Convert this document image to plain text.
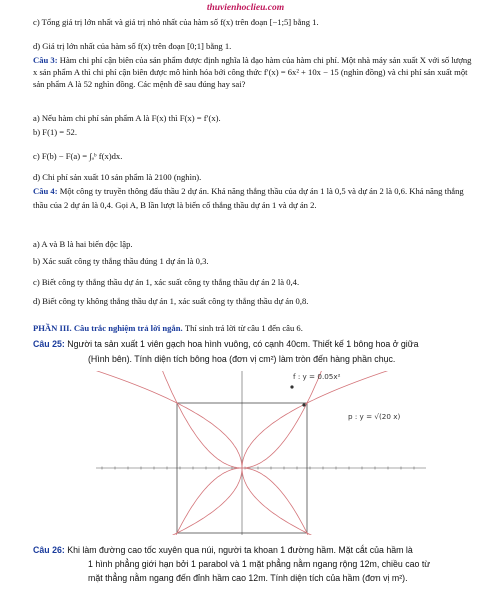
thuvienhoclieu.com
c) Tổng giá trị lớn nhất và giá trị nhỏ nhất của hàm số f(x) trên đoạn [−1;5] bằng 1.
d) Giá trị lớn nhất của hàm số f(x) trên đoạn [0;1] bằng 1.
Câu 3: Hàm chi phí cận biên của sản phẩm được định nghĩa là đạo hàm của hàm chi phí. Một nhà máy sản xuất X với số lượng x sản phẩm A thì chi phí cận biên được mô hình hóa bởi công thức f′(x) = 6x² + 10x − 15 (nghìn đồng) và chi phí sản xuất một sản phẩm A là 52 nghìn đồng. Các mệnh đề sau đúng hay sai?
a) Nếu hàm chi phí sản phẩm A là F(x) thì F(x) = f′(x).
b) F(1) = 52.
c) F(b) − F(a) = ∫ₐᵇ f(x)dx.
d) Chi phí sản xuất 10 sản phẩm là 2100 (nghìn).
Câu 4: Một công ty truyền thông đấu thầu 2 dự án. Khả năng thắng thầu của dự án 1 là 0,5 và dự án 2 là 0,6. Khả năng thắng thầu của 2 dự án là 0,4. Gọi A, B lần lượt là biến cố thắng thầu dự án 1 và dự án 2.
a) A và B là hai biến độc lập.
b) Xác suất công ty thắng thầu đúng 1 dự án là 0,3.
c) Biết công ty thắng thầu dự án 1, xác suất công ty thắng thầu dự án 2 là 0,4.
d) Biết công ty không thắng thầu dự án 1, xác suất công ty thắng thầu dự án 0,8.
PHẦN III. Câu trắc nghiệm trả lời ngắn. Thí sinh trả lời từ câu 1 đến câu 6.
Câu 25: Người ta sản xuất 1 viên gạch hoa hình vuông, có cạnh 40cm. Thiết kế 1 bông hoa ở giữa
(Hình bên). Tính diện tích bông hoa (đơn vị cm²) làm tròn đến hàng phần chục.
f : y = 0.05x²
p : y = √(20 x)
Câu 26: Khi làm đường cao tốc xuyên qua núi, người ta khoan 1 đường hầm. Mặt cắt của hầm là
1 hình phẳng giới hạn bởi 1 parabol và 1 mặt phẳng nằm ngang rộng 12m, chiều cao từ
mặt thẳng nằm ngang đến đỉnh hầm cao 12m. Tính diện tích của hầm (đơn vị m²).
